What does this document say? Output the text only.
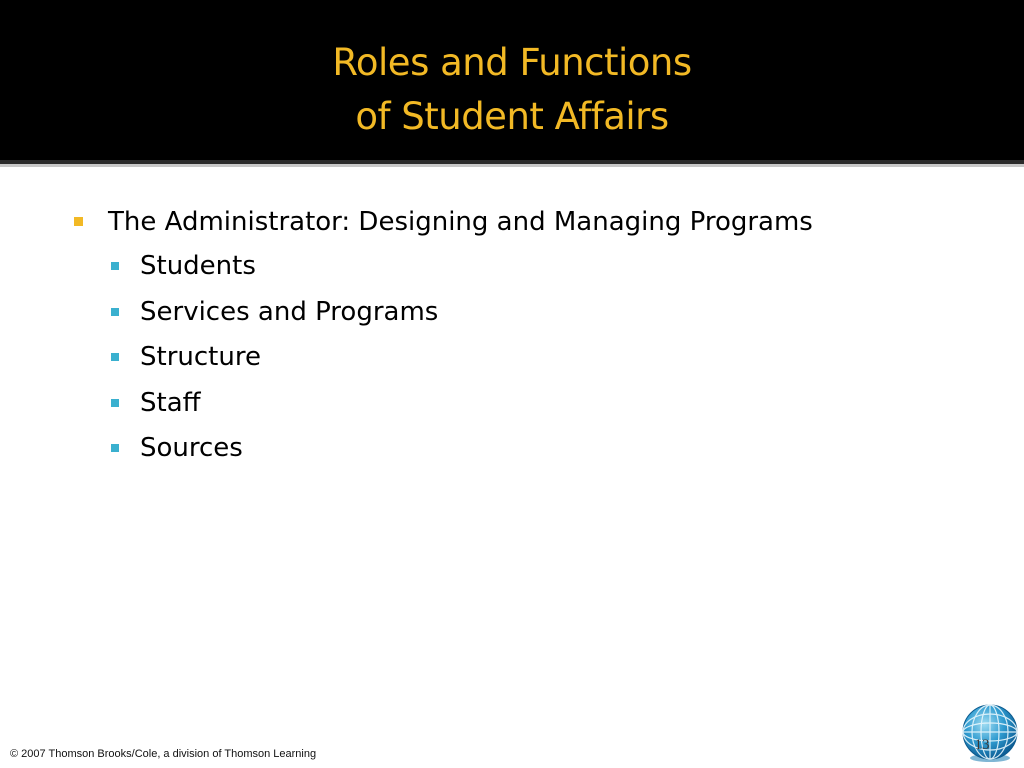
Roles and Functions
of Student Affairs
The Administrator: Designing and Managing Programs
Students
Services and Programs
Structure
Staff
Sources
© 2007 Thomson Brooks/Cole, a division of Thomson Learning
13
